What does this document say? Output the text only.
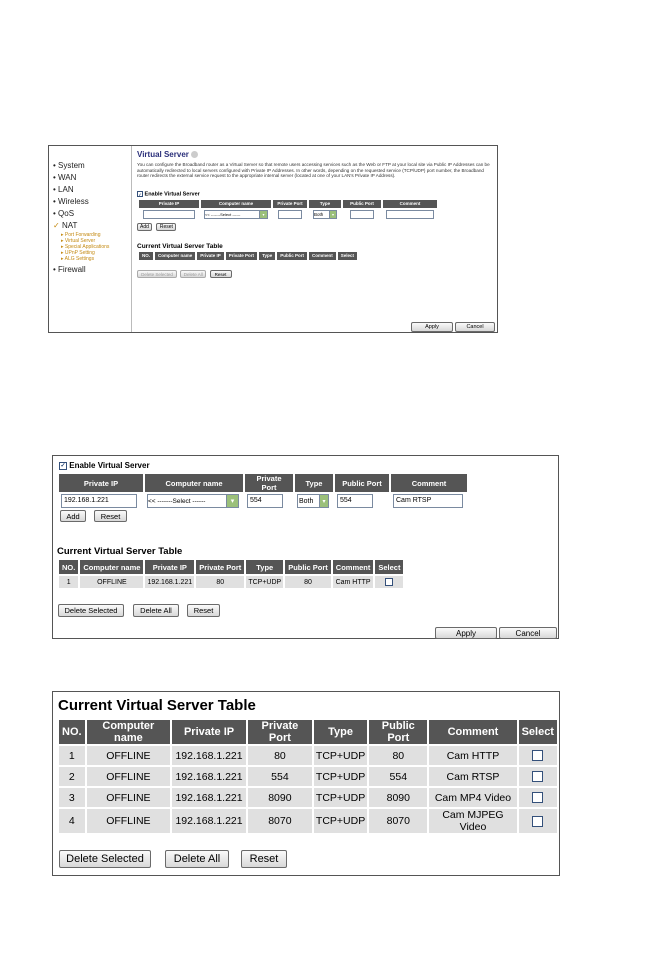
• System
• WAN
• LAN
• Wireless
• QoS
✓ NAT
▸ Port Forwarding
▸ Virtual Server
▸ Special Applications
▸ UPnP Setting
▸ ALG Settings
• Firewall
Virtual Server
You can configure the Broadband router as a Virtual Server so that remote users accessing services such as the Web or FTP at your local site via Public IP Addresses can be automatically redirected to local servers configured with Private IP Addresses. In other words, depending on the requested service (TCP/UDP) port number, the Broadband router redirects the external service request to the appropriate internal server (located at one of your LAN's Private IP Address).
✓ Enable Virtual Server
Private IP	Computer name	Private Port	Type	Public Port	Comment

	<< -------Select ------ ▾		Both ▾		

Add Reset
Current Virtual Server Table
NO.	Computer name	Private IP	Private Port	Type	Public Port	Comment	Select
Delete Selected Delete All	Reset
Apply	Cancel
✓ Enable Virtual Server
Private IP	Computer name	Private Port	Type	Public Port	Comment
192.168.1.221	<< -------Select ------ ▾	554	Both ▾	554	Cam RTSP
Add	Reset
Current Virtual Server Table
NO.	Computer name	Private IP	Private Port	Type	Public Port	Comment	Select
1	OFFLINE	192.168.1.221	80	TCP+UDP	80	Cam HTTP	
Delete Selected	Delete All	Reset
Apply	Cancel
Current Virtual Server Table
NO.	Computer name	Private IP	Private Port	Type	Public Port	Comment	Select
1	OFFLINE	192.168.1.221	80	TCP+UDP	80	Cam HTTP	
2	OFFLINE	192.168.1.221	554	TCP+UDP	554	Cam RTSP	
3	OFFLINE	192.168.1.221	8090	TCP+UDP	8090	Cam MP4 Video	
4	OFFLINE	192.168.1.221	8070	TCP+UDP	8070	Cam MJPEG Video	
Delete Selected	Delete All	Reset
